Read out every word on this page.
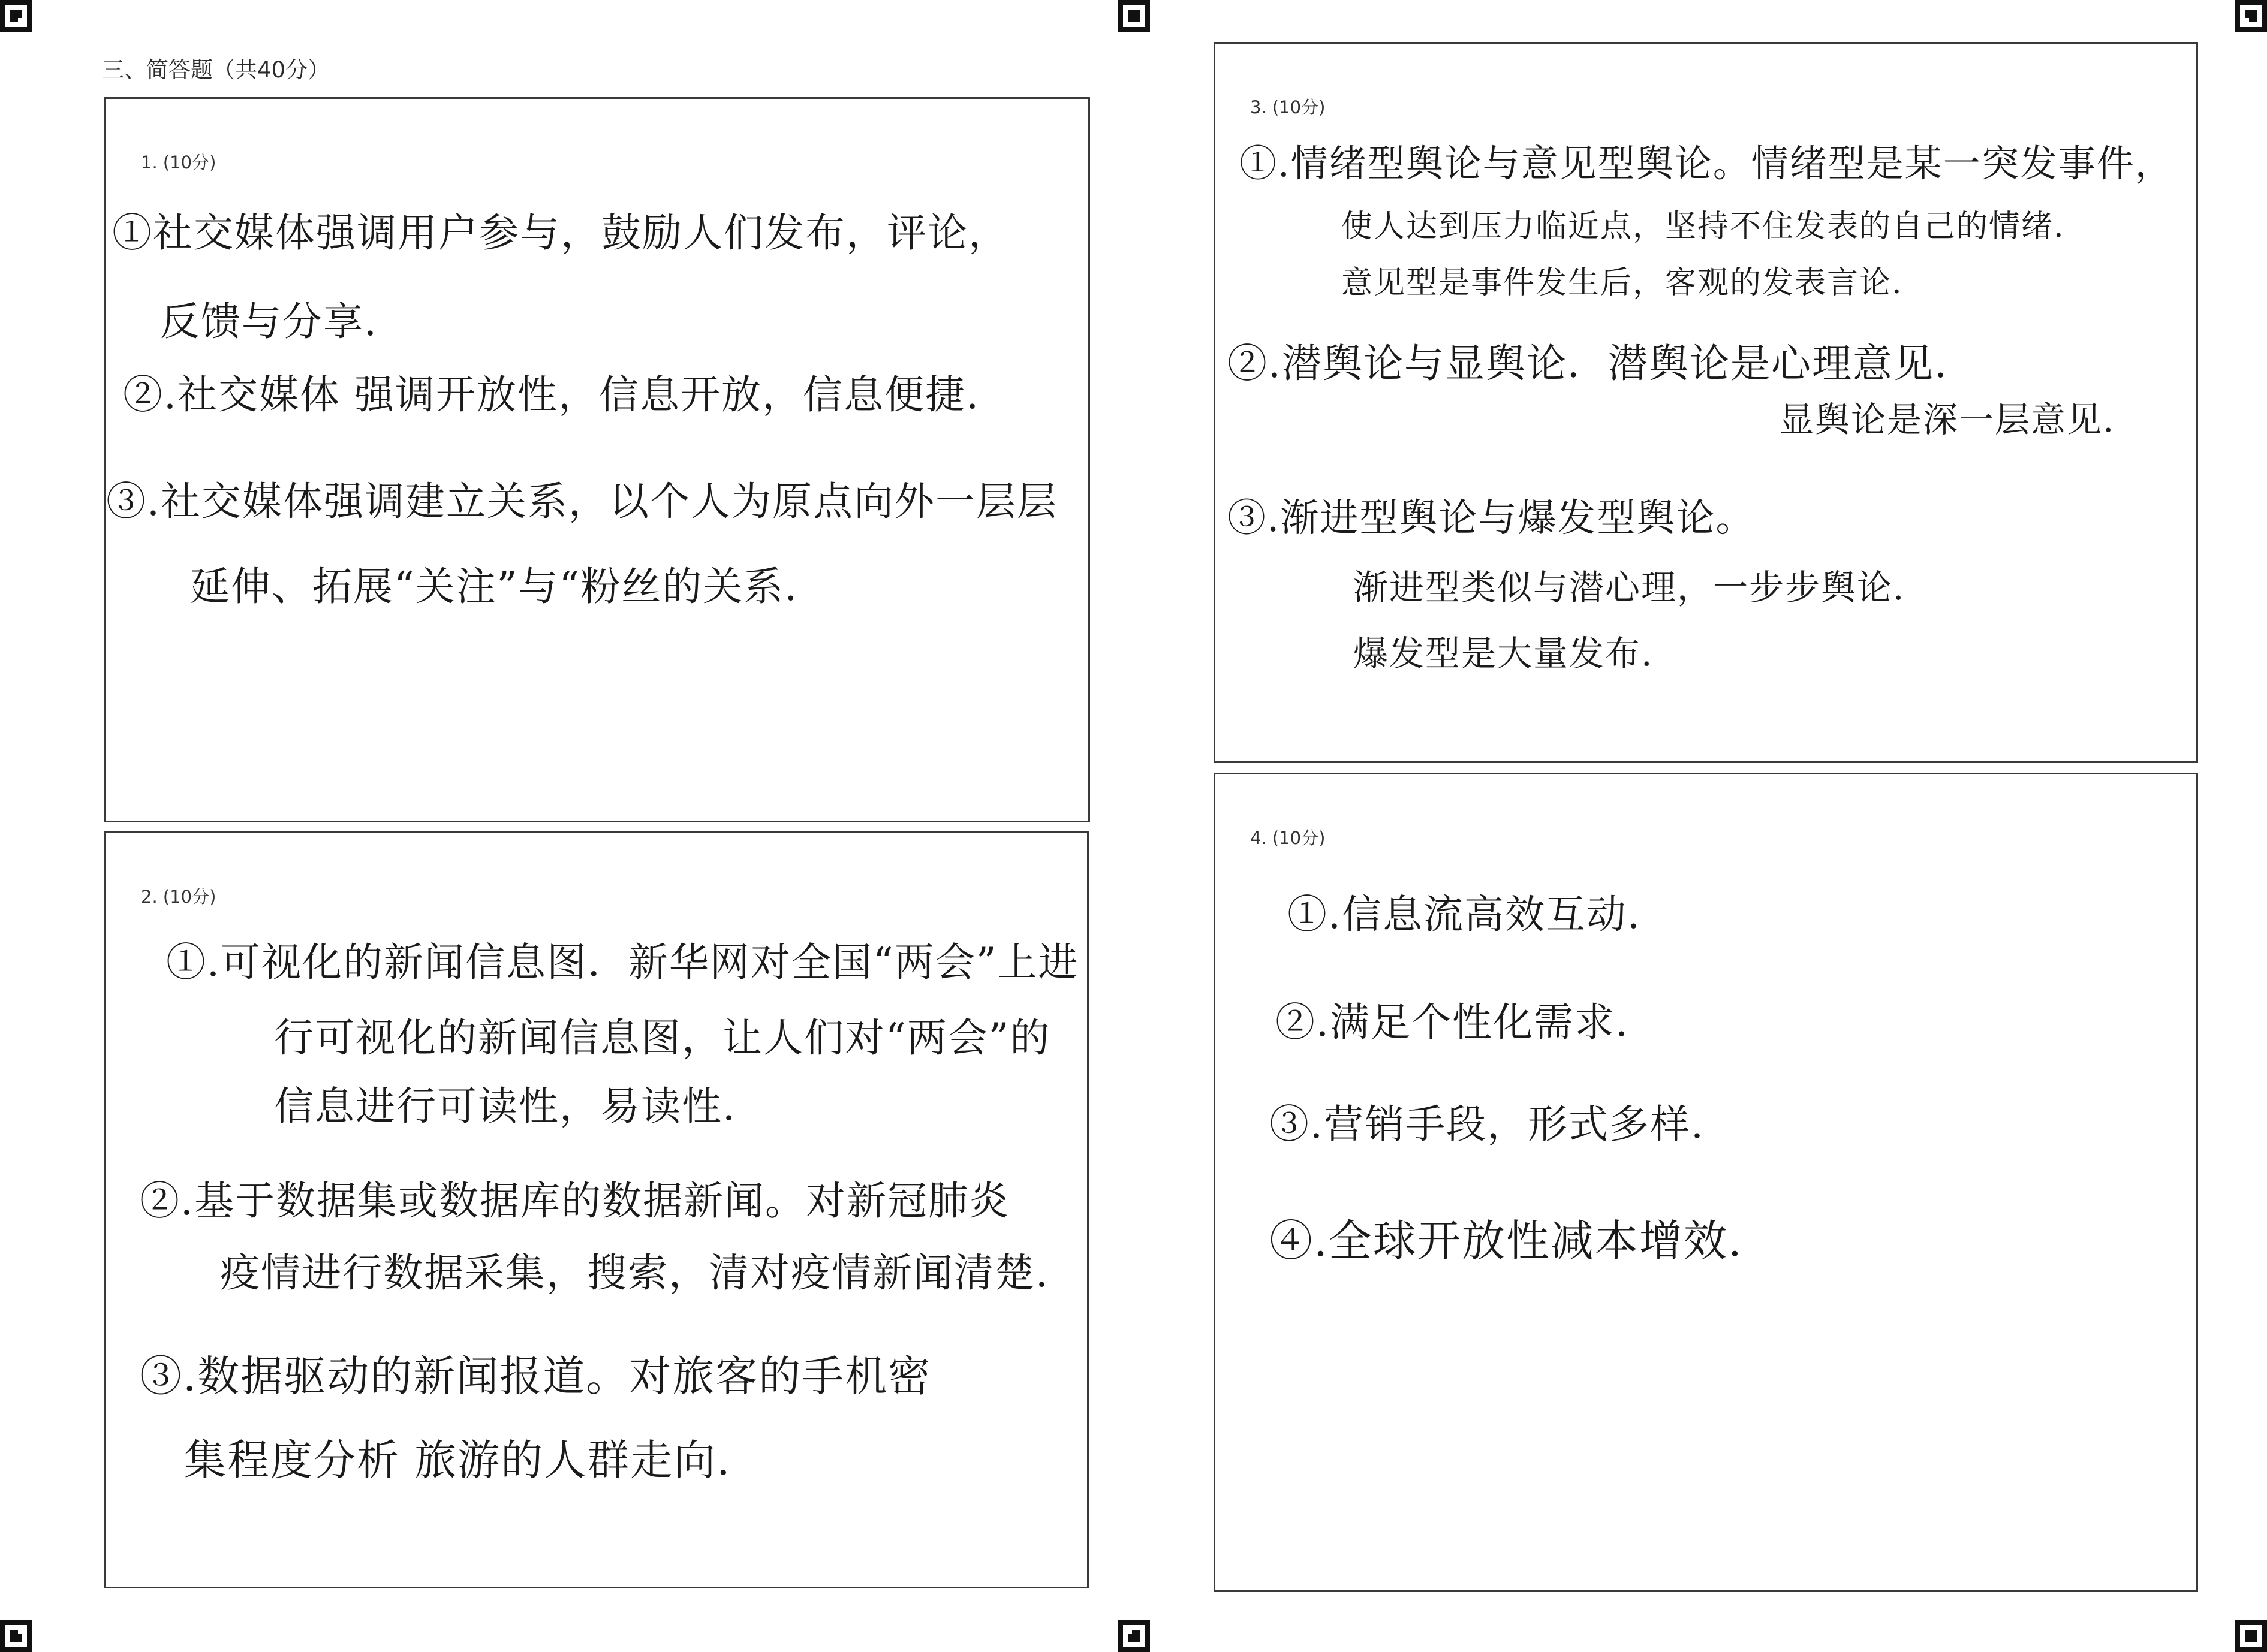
三、简答题（共40分）
1. (10分)
①社交媒体强调用户参与，鼓励人们发布，评论，
反馈与分享.
②.社交媒体 强调开放性，信息开放，信息便捷.
③.社交媒体强调建立关系，以个人为原点向外一层层
延伸、拓展“关注”与“粉丝的关系.
2. (10分)
①.可视化的新闻信息图．新华网对全国“两会”上进
行可视化的新闻信息图，让人们对“两会”的
信息进行可读性，易读性.
②.基于数据集或数据库的数据新闻。对新冠肺炎
疫情进行数据采集，搜索，清对疫情新闻清楚.
③.数据驱动的新闻报道。对旅客的手机密
集程度分析 旅游的人群走向.
3. (10分)
①.情绪型舆论与意见型舆论。情绪型是某一突发事件，
使人达到压力临近点，坚持不住发表的自己的情绪.
意见型是事件发生后，客观的发表言论.
②.潜舆论与显舆论．潜舆论是心理意见.
显舆论是深一层意见.
③.渐进型舆论与爆发型舆论。
渐进型类似与潜心理，一步步舆论.
爆发型是大量发布.
4. (10分)
①.信息流高效互动.
②.满足个性化需求.
③.营销手段，形式多样.
④.全球开放性减本增效.
